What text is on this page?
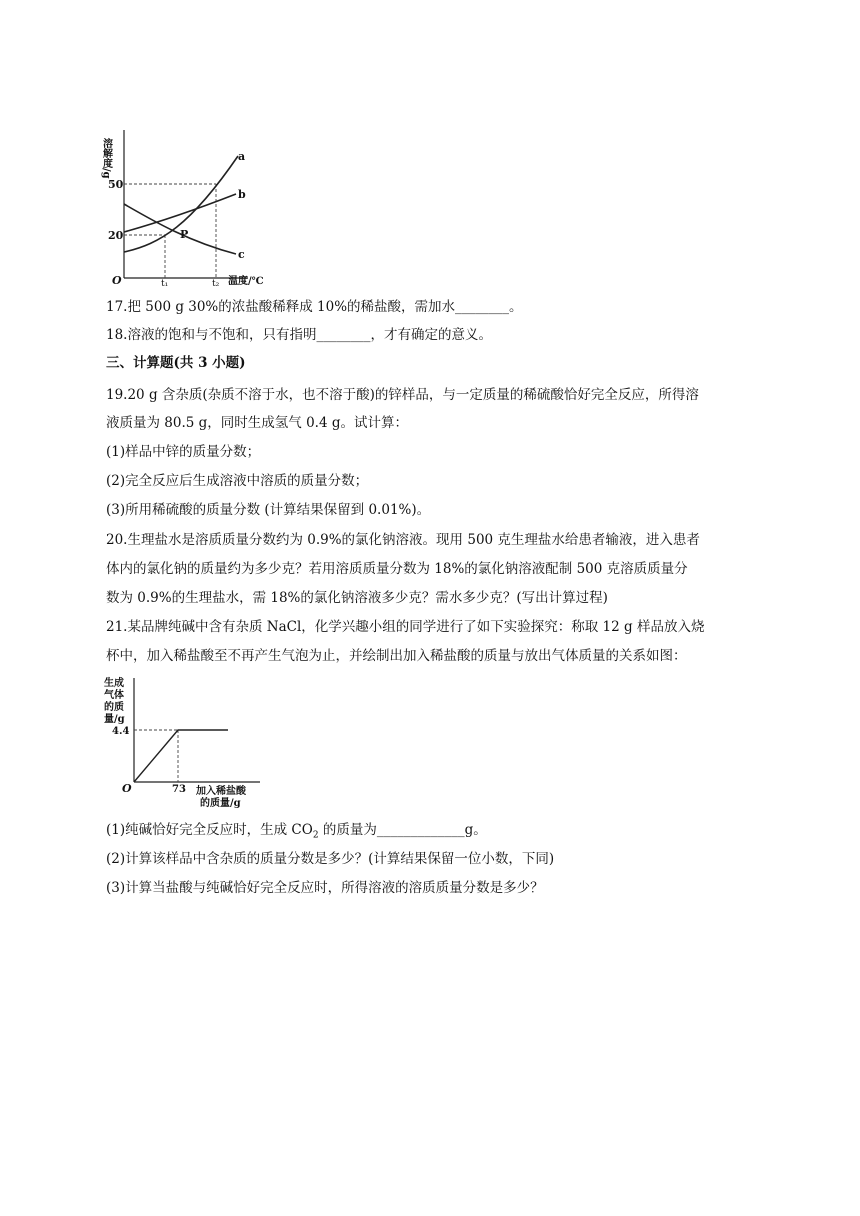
溶解度/g
50
20
O	t₁	t₂ 温度/℃
a
b
c
P
17.把 500 g 30%的浓盐酸稀释成 10%的稀盐酸，需加水________。
18.溶液的饱和与不饱和，只有指明________，才有确定的意义。
三、计算题(共 3 小题)
19.20 g 含杂质(杂质不溶于水，也不溶于酸)的锌样品，与一定质量的稀硫酸恰好完全反应，所得溶
液质量为 80.5 g，同时生成氢气 0.4 g。试计算：
(1)样品中锌的质量分数；
(2)完全反应后生成溶液中溶质的质量分数；
(3)所用稀硫酸的质量分数 (计算结果保留到 0.01%)。
20.生理盐水是溶质质量分数约为 0.9%的氯化钠溶液。现用 500 克生理盐水给患者输液，进入患者
体内的氯化钠的质量约为多少克？若用溶质质量分数为 18%的氯化钠溶液配制 500 克溶质质量分
数为 0.9%的生理盐水，需 18%的氯化钠溶液多少克？需水多少克？(写出计算过程)
21.某品牌纯碱中含有杂质 NaCl，化学兴趣小组的同学进行了如下实验探究：称取 12 g 样品放入烧
杯中，加入稀盐酸至不再产生气泡为止，并绘制出加入稀盐酸的质量与放出气体质量的关系如图：
生成
气体
的质
量/g
4.4
O	73 加入稀盐酸
的质量/g
(1)纯碱恰好完全反应时，生成 $CO_2$ 的质量为_____________g。
(2)计算该样品中含杂质的质量分数是多少？(计算结果保留一位小数，下同)
(3)计算当盐酸与纯碱恰好完全反应时，所得溶液的溶质质量分数是多少？
